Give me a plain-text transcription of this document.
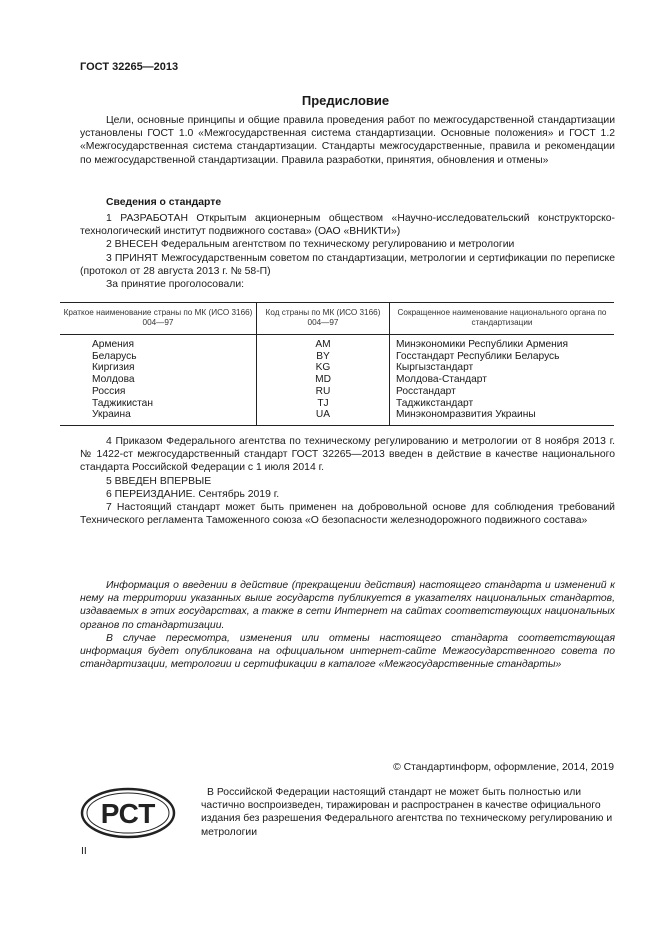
ГОСТ 32265—2013
Предисловие

Цели, основные принципы и общие правила проведения работ по межгосударственной стандартизации установлены ГОСТ 1.0 «Межгосударственная система стандартизации. Основные положения» и ГОСТ 1.2 «Межгосударственная система стандартизации. Стандарты межгосударственные, правила и рекомендации по межгосударственной стандартизации. Правила разработки, принятия, обновления и отмены»

Сведения о стандарте

1 РАЗРАБОТАН Открытым акционерным обществом «Научно-исследовательский конструкторско-технологический институт подвижного состава» (ОАО «ВНИКТИ»)

2 ВНЕСЕН Федеральным агентством по техническому регулированию и метрологии

3 ПРИНЯТ Межгосударственным советом по стандартизации, метрологии и сертификации по переписке (протокол от 28 августа 2013 г. № 58-П)

За принятие проголосовали:

Краткое наименование страны по МК (ИСО 3166) 004—97	Код страны по МК (ИСО 3166) 004—97	Сокращенное наименование национального органа по стандартизации
Армения	AM	Минэкономики Республики Армения
Беларусь	BY	Госстандарт Республики Беларусь
Киргизия	KG	Кыргызстандарт
Молдова	MD	Молдова-Стандарт
Россия	RU	Росстандарт
Таджикистан	TJ	Таджикстандарт
Украина	UA	Минэкономразвития Украины

4 Приказом Федерального агентства по техническому регулированию и метрологии от 8 ноября 2013 г. № 1422-ст межгосударственный стандарт ГОСТ 32265—2013 введен в действие в качестве национального стандарта Российской Федерации с 1 июля 2014 г.

5 ВВЕДЕН ВПЕРВЫЕ

6 ПЕРЕИЗДАНИЕ. Сентябрь 2019 г.

7 Настоящий стандарт может быть применен на добровольной основе для соблюдения требований Технического регламента Таможенного союза «О безопасности железнодорожного подвижного состава»

Информация о введении в действие (прекращении действия) настоящего стандарта и изменений к нему на территории указанных выше государств публикуется в указателях национальных стандартов, издаваемых в этих государствах, а также в сети Интернет на сайтах соответствующих национальных органов по стандартизации.

В случае пересмотра, изменения или отмены настоящего стандарта соответствующая информация будет опубликована на официальном интернет-сайте Межгосударственного совета по стандартизации, метрологии и сертификации в каталоге «Межгосударственные стандарты»

© Стандартинформ, оформление, 2014, 2019
РСТ

В Российской Федерации настоящий стандарт не может быть полностью или частично воспроизведен, тиражирован и распространен в качестве официального издания без разрешения Федерального агентства по техническому регулированию и метрологии

II
